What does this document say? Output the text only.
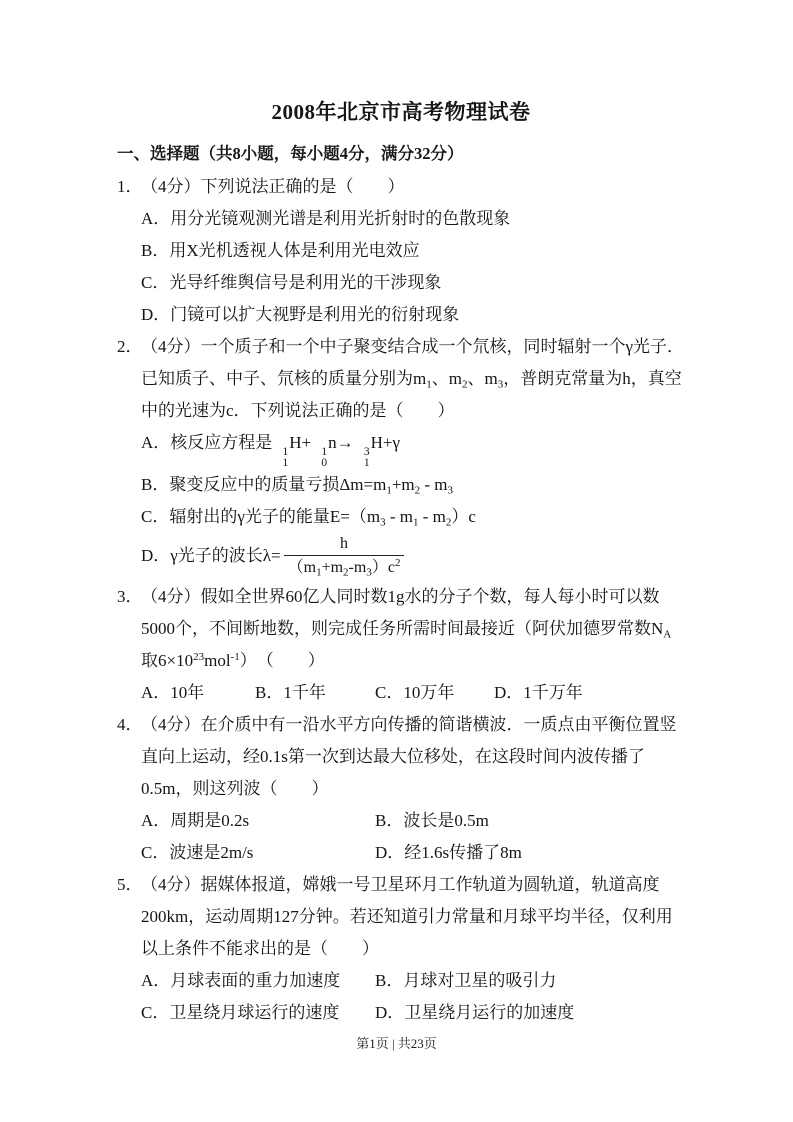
2008年北京市高考物理试卷
一、选择题（共8小题，每小题4分，满分32分）
1．（4分）下列说法正确的是（　　）
A．用分光镜观测光谱是利用光折射时的色散现象
B．用X光机透视人体是利用光电效应
C．光导纤维舆信号是利用光的干涉现象
D．门镜可以扩大视野是利用光的衍射现象
2．（4分）一个质子和一个中子聚变结合成一个氘核，同时辐射一个γ光子．已知质子、中子、氘核的质量分别为$m_1$、$m_2$、$m_3$，普朗克常量为h，真空中的光速为c．下列说法正确的是（　　）
A．核反应方程是 1
1
H+ 1
0
n→ 3
1
H+γ
B．聚变反应中的质量亏损$\Delta m=m_1+m_2 - m_3$
C．辐射出的γ光子的能量$E=(m_3 - m_1 - m_2)c$
D．γ光子的波长$\lambda= \frac{h}{(m_1+m_2-m_3)c^2}$
3．（4分）假如全世界60亿人同时数1g水的分子个数，每人每小时可以数5000个，不间断地数，则完成任务所需时间最接近（阿伏加德罗常数$N_A$取$6\times 10^{23}mol^{-1}$）　（　　）
A．10年	B．1千年	C．10万年	D．1千万年
4．（4分）在介质中有一沿水平方向传播的简谐横波．一质点由平衡位置竖直向上运动，经0.1s第一次到达最大位移处，在这段时间内波传播了0.5m，则这列波（　　）
A．周期是0.2s	B．波长是0.5m
C．波速是2m/s	D．经1.6s传播了8m
5．（4分）据媒体报道，嫦娥一号卫星环月工作轨道为圆轨道，轨道高度200km，运动周期127分钟。若还知道引力常量和月球平均半径，仅利用以上条件不能求出的是（　　）
A．月球表面的重力加速度	B．月球对卫星的吸引力
C．卫星绕月球运行的速度	D．卫星绕月运行的加速度
第1页 | 共23页
